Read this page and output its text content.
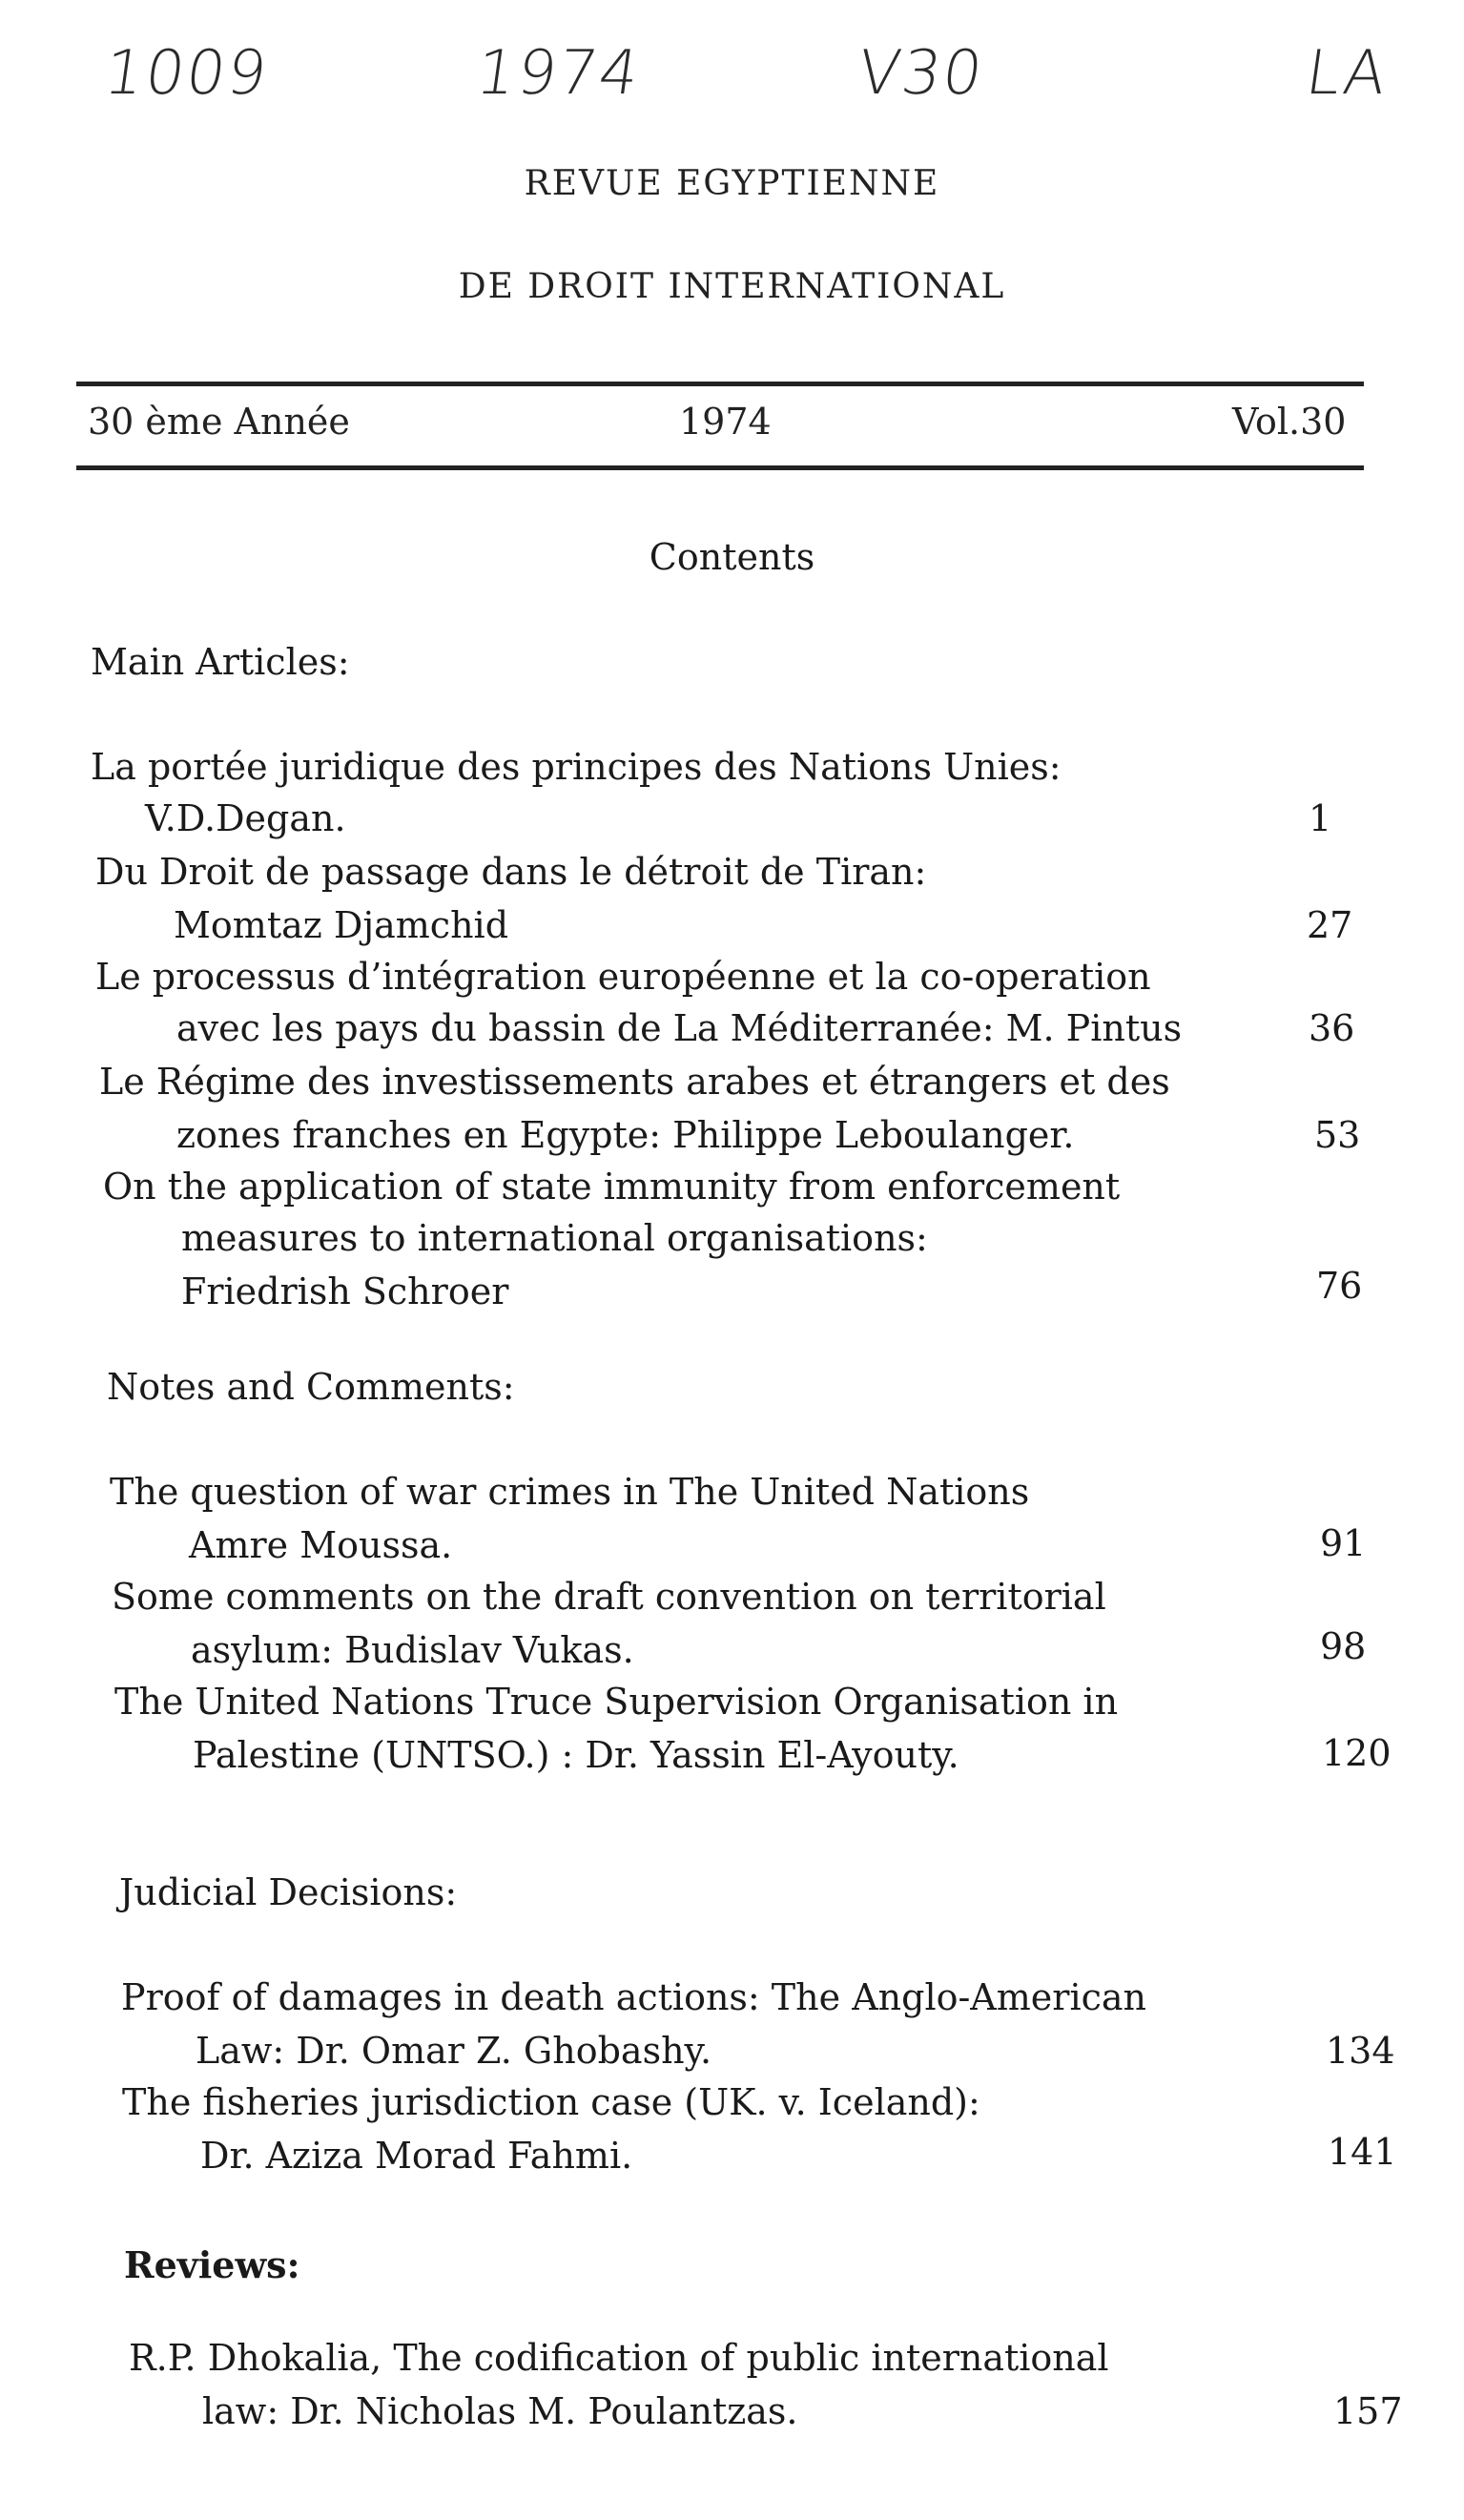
1009	1974	V30	LA
REVUE EGYPTIENNE
DE DROIT INTERNATIONAL
30 ème Année	1974	Vol.30
Contents
Main Articles:
La portée juridique des principes des Nations Unies:
V.D.Degan.	1
Du Droit de passage dans le détroit de Tiran:
Momtaz Djamchid	27
Le processus d’intégration européenne et la co-operation
avec les pays du bassin de La Méditerranée: M. Pintus	36
Le Régime des investissements arabes et étrangers et des
zones franches en Egypte: Philippe Leboulanger.	53
On the application of state immunity from enforcement
measures to international organisations:
Friedrish Schroer	76
Notes and Comments:
The question of war crimes in The United Nations
Amre Moussa.	91
Some comments on the draft convention on territorial
asylum: Budislav Vukas.	98
The United Nations Truce Supervision Organisation in
Palestine (UNTSO.) : Dr. Yassin El-Ayouty.	120
Judicial Decisions:
Proof of damages in death actions: The Anglo-American
Law: Dr. Omar Z. Ghobashy.	134
The fisheries jurisdiction case (UK. v. Iceland):
Dr. Aziza Morad Fahmi.	141
Reviews:
R.P. Dhokalia, The codification of public international
law: Dr. Nicholas M. Poulantzas.	157
